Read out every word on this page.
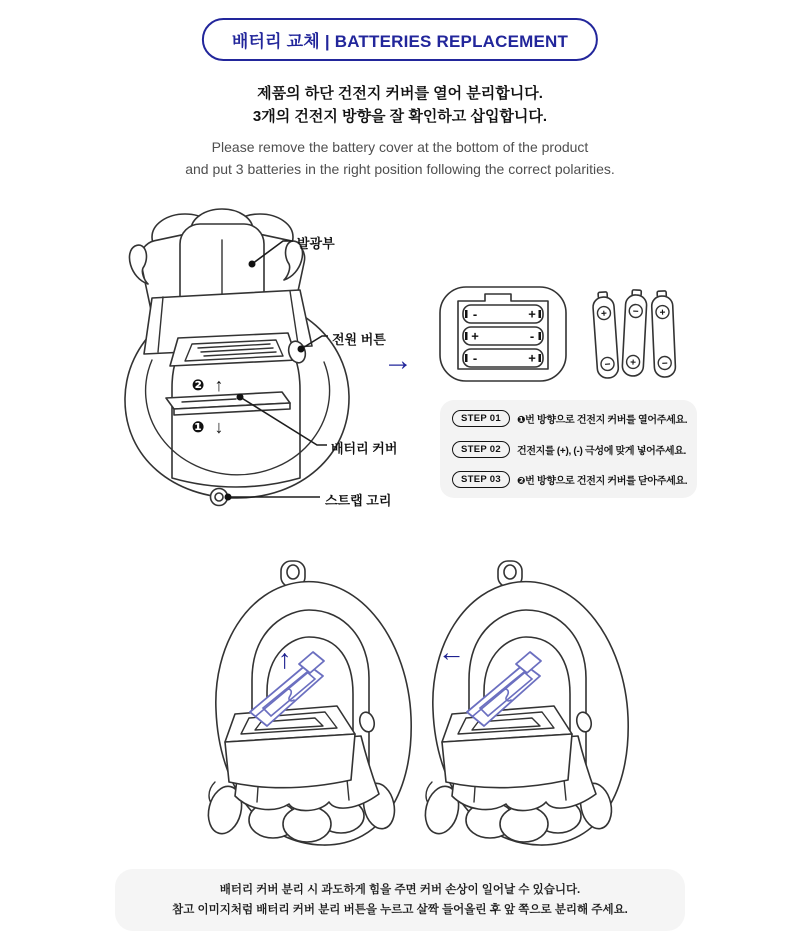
배터리 교체 | BATTERIES REPLACEMENT
제품의 하단 건전지 커버를 열어 분리합니다.
3개의 건전지 방향을 잘 확인하고 삽입합니다.
Please remove the battery cover at the bottom of the product
and put 3 batteries in the right position following the correct polarities.
❷ ↑
❶ ↓
발광부
전원 버튼
배터리 커버
스트랩 고리
→
-	+
+	-
-	+
+
−
−
+
+
−
STEP 01	❶번 방향으로 건전지 커버를 열어주세요.
STEP 02	건전지를 (+), (-) 극성에 맞게 넣어주세요.
STEP 03	❷번 방향으로 건전지 커버를 닫아주세요.
↑	←
배터리 커버 분리 시 과도하게 힘을 주면 커버 손상이 일어날 수 있습니다.
참고 이미지처럼 배터리 커버 분리 버튼을 누르고 살짝 들어올린 후 앞 쪽으로 분리해 주세요.
